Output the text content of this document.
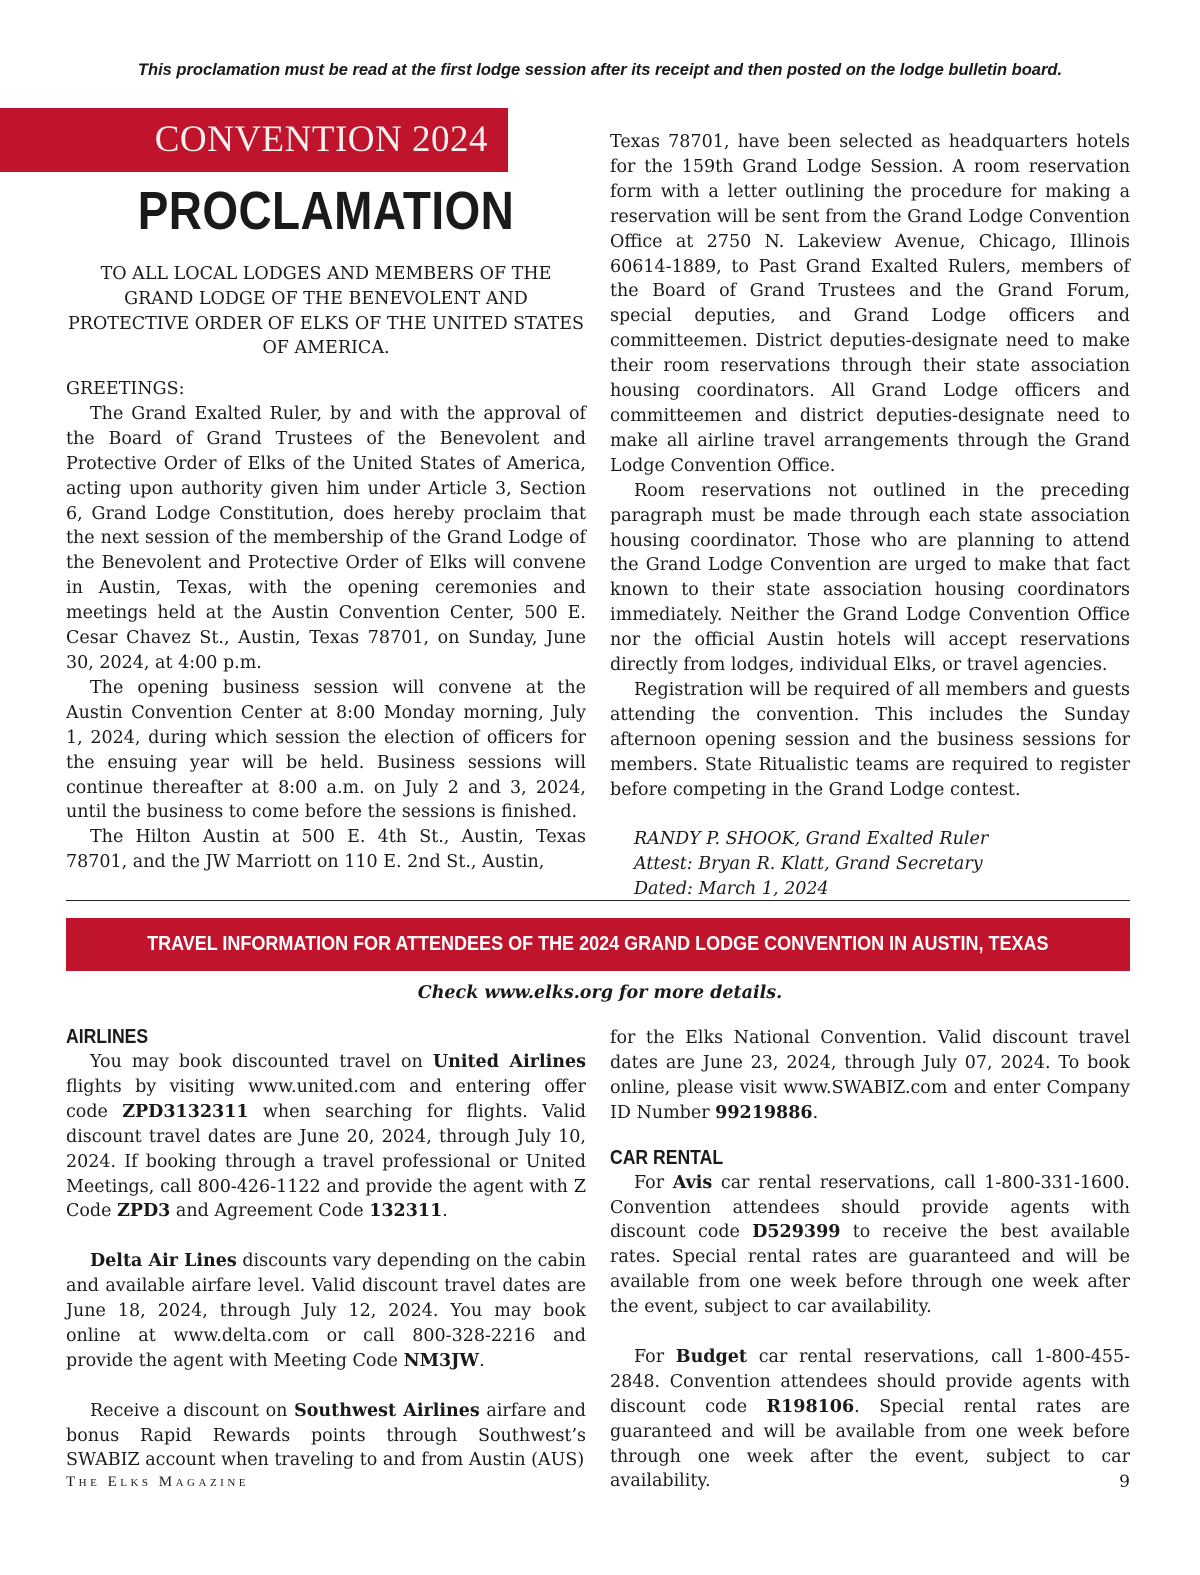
This proclamation must be read at the first lodge session after its receipt and then posted on the lodge bulletin board.
CONVENTION 2024
PROCLAMATION
TO ALL LOCAL LODGES AND MEMBERS OF THE GRAND LODGE OF THE BENEVOLENT AND PROTECTIVE ORDER OF ELKS OF THE UNITED STATES OF AMERICA.

GREETINGS:

The Grand Exalted Ruler, by and with the approval of the Board of Grand Trustees of the Benevolent and Protective Order of Elks of the United States of America, acting upon authority given him under Article 3, Section 6, Grand Lodge Constitution, does hereby proclaim that the next session of the membership of the Grand Lodge of the Benevolent and Protective Order of Elks will convene in Austin, Texas, with the opening ceremonies and meetings held at the Austin Convention Center, 500 E. Cesar Chavez St., Austin, Texas 78701, on Sunday, June 30, 2024, at 4:00 p.m.

The opening business session will convene at the Austin Convention Center at 8:00 Monday morning, July 1, 2024, during which session the election of officers for the ensuing year will be held. Business sessions will continue thereafter at 8:00 a.m. on July 2 and 3, 2024, until the business to come before the sessions is finished.

The Hilton Austin at 500 E. 4th St., Austin, Texas 78701, and the JW Marriott on 110 E. 2nd St., Austin,

Texas 78701, have been selected as headquarters hotels for the 159th Grand Lodge Session. A room reservation form with a letter outlining the procedure for making a reservation will be sent from the Grand Lodge Convention Office at 2750 N. Lakeview Avenue, Chicago, Illinois 60614-1889, to Past Grand Exalted Rulers, members of the Board of Grand Trustees and the Grand Forum, special deputies, and Grand Lodge officers and committeemen. District deputies-designate need to make their room reservations through their state association housing coordinators. All Grand Lodge officers and committeemen and district deputies-designate need to make all airline travel arrangements through the Grand Lodge Convention Office.

Room reservations not outlined in the preceding paragraph must be made through each state association housing coordinator. Those who are planning to attend the Grand Lodge Convention are urged to make that fact known to their state association housing coordinators immediately. Neither the Grand Lodge Convention Office nor the official Austin hotels will accept reservations directly from lodges, individual Elks, or travel agencies.

Registration will be required of all members and guests attending the convention. This includes the Sunday afternoon opening session and the business sessions for members. State Ritualistic teams are required to register before competing in the Grand Lodge contest.

RANDY P. SHOOK, Grand Exalted Ruler

Attest: Bryan R. Klatt, Grand Secretary

Dated: March 1, 2024

TRAVEL INFORMATION FOR ATTENDEES OF THE 2024 GRAND LODGE CONVENTION IN AUSTIN, TEXAS
Check www.elks.org for more details.
AIRLINES

You may book discounted travel on United Airlines flights by visiting www.united.com and entering offer code ZPD3132311 when searching for flights. Valid discount travel dates are June 20, 2024, through July 10, 2024. If booking through a travel professional or United Meetings, call 800-426-1122 and provide the agent with Z Code ZPD3 and Agreement Code 132311.

Delta Air Lines discounts vary depending on the cabin and available airfare level. Valid discount travel dates are June 18, 2024, through July 12, 2024. You may book online at www.delta.com or call 800-328-2216 and provide the agent with Meeting Code NM3JW.

Receive a discount on Southwest Airlines airfare and bonus Rapid Rewards points through Southwest’s SWABIZ account when traveling to and from Austin (AUS)

for the Elks National Convention. Valid discount travel dates are June 23, 2024, through July 07, 2024. To book online, please visit www.SWABIZ.com and enter Company ID Number 99219886.

CAR RENTAL

For Avis car rental reservations, call 1-800-331-1600. Convention attendees should provide agents with discount code D529399 to receive the best available rates. Special rental rates are guaranteed and will be available from one week before through one week after the event, subject to car availability.

For Budget car rental reservations, call 1-800-455-2848. Convention attendees should provide agents with discount code R198106. Special rental rates are guaranteed and will be available from one week before through one week after the event, subject to car availability.

The Elks Magazine	9
